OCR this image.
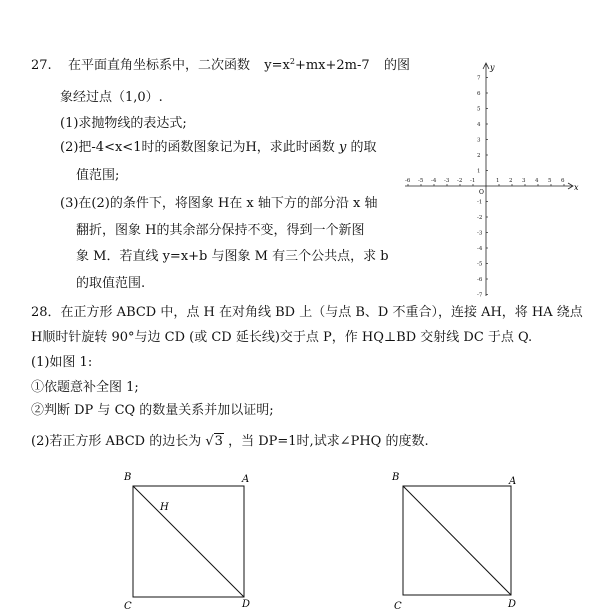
27. 在平面直角坐标系中，二次函数 $y=x^2+mx+2m-7$ 的图
象经过点（1,0）.
(1)求抛物线的表达式;
(2)把-4<x<1时的函数图象记为H，求此时函数 y 的取
值范围;
(3)在(2)的条件下，将图象 H在 x 轴下方的部分沿 x 轴
翻折，图象 H的其余部分保持不变，得到一个新图
象 M．若直线 y=x+b 与图象 M 有三个公共点，求 b
的取值范围.
-6 -5 -4 -3 -2 -1	1 2 3 4 5 6
1
2
3
4
5
6
7
-1
-2
-3
-4
-5
-6
-7
x
y
O
28．在正方形 ABCD 中，点 H 在对角线 BD 上（与点 B、D 不重合），连接 AH，将 HA 绕点
H顺时针旋转 90°与边 CD (或 CD 延长线)交于点 P，作 HQ⊥BD 交射线 DC 于点 Q.
(1)如图 1:
①依题意补全图 1;
②判断 DP 与 CQ 的数量关系并加以证明;
(2)若正方形 ABCD 的边长为 √3 ，当 DP=1时,试求∠PHQ 的度数.
B	A
H
C	D
B	A
C	D
